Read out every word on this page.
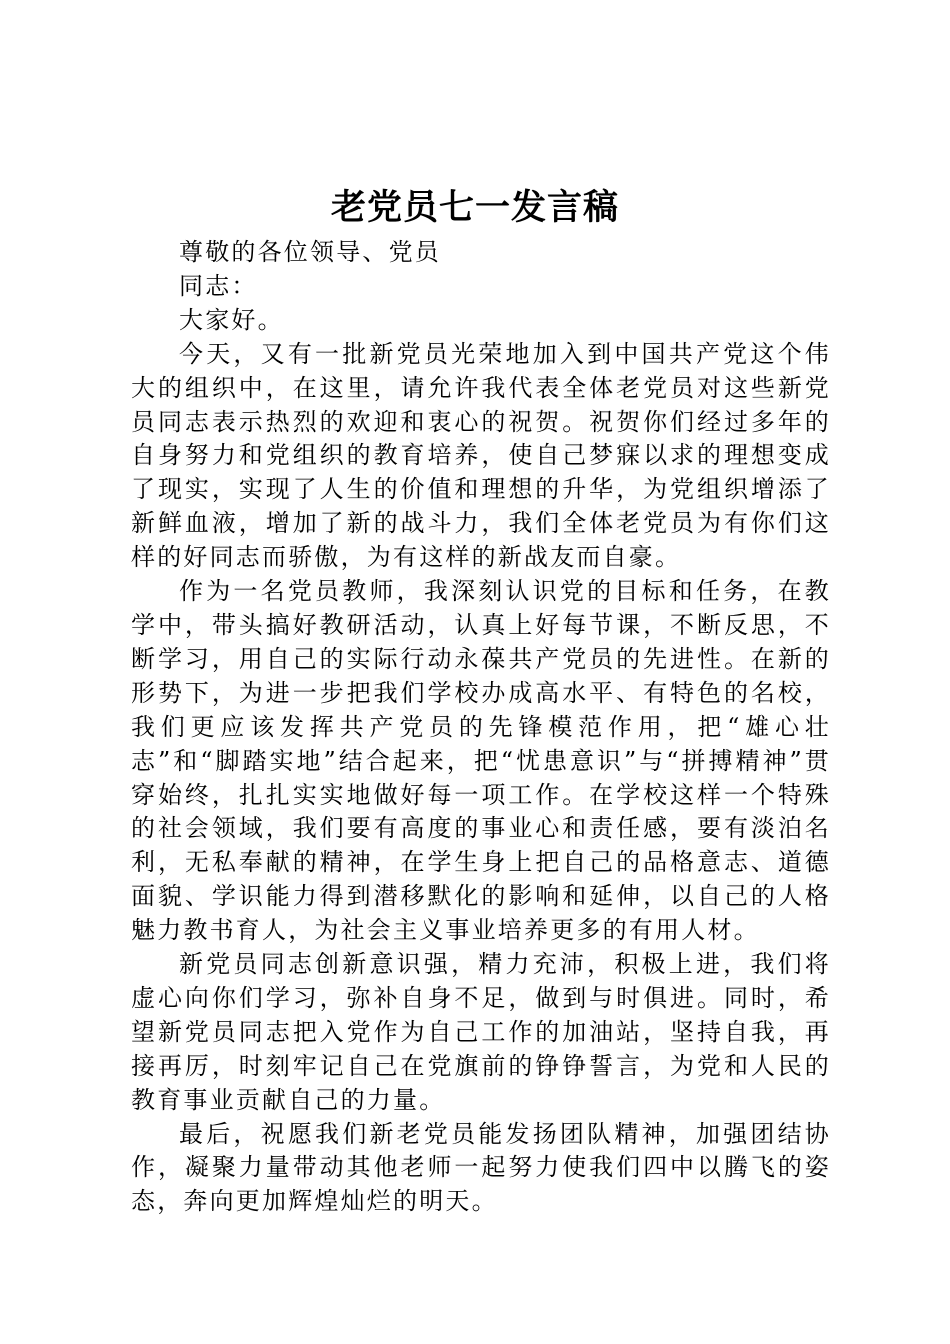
老党员七一发言稿

尊敬的各位领导、党员

同志：

大家好。

今天，又有一批新党员光荣地加入到中国共产党这个伟大的组织中，在这里，请允许我代表全体老党员对这些新党员同志表示热烈的欢迎和衷心的祝贺。祝贺你们经过多年的自身努力和党组织的教育培养，使自己梦寐以求的理想变成了现实，实现了人生的价值和理想的升华，为党组织增添了新鲜血液，增加了新的战斗力，我们全体老党员为有你们这样的好同志而骄傲，为有这样的新战友而自豪。

作为一名党员教师，我深刻认识党的目标和任务，在教学中，带头搞好教研活动，认真上好每节课，不断反思，不断学习，用自己的实际行动永葆共产党员的先进性。在新的形势下，为进一步把我们学校办成高水平、有特色的名校，我们更应该发挥共产党员的先锋模范作用，把“雄心壮志”和“脚踏实地”结合起来，把“忧患意识”与“拼搏精神”贯穿始终，扎扎实实地做好每一项工作。在学校这样一个特殊的社会领域，我们要有高度的事业心和责任感，要有淡泊名利，无私奉献的精神，在学生身上把自己的品格意志、道德面貌、学识能力得到潜移默化的影响和延伸，以自己的人格魅力教书育人，为社会主义事业培养更多的有用人材。

新党员同志创新意识强，精力充沛，积极上进，我们将虚心向你们学习，弥补自身不足，做到与时俱进。同时，希望新党员同志把入党作为自己工作的加油站，坚持自我，再接再厉，时刻牢记自己在党旗前的铮铮誓言，为党和人民的教育事业贡献自己的力量。

最后，祝愿我们新老党员能发扬团队精神，加强团结协作，凝聚力量带动其他老师一起努力使我们四中以腾飞的姿态，奔向更加辉煌灿烂的明天。
